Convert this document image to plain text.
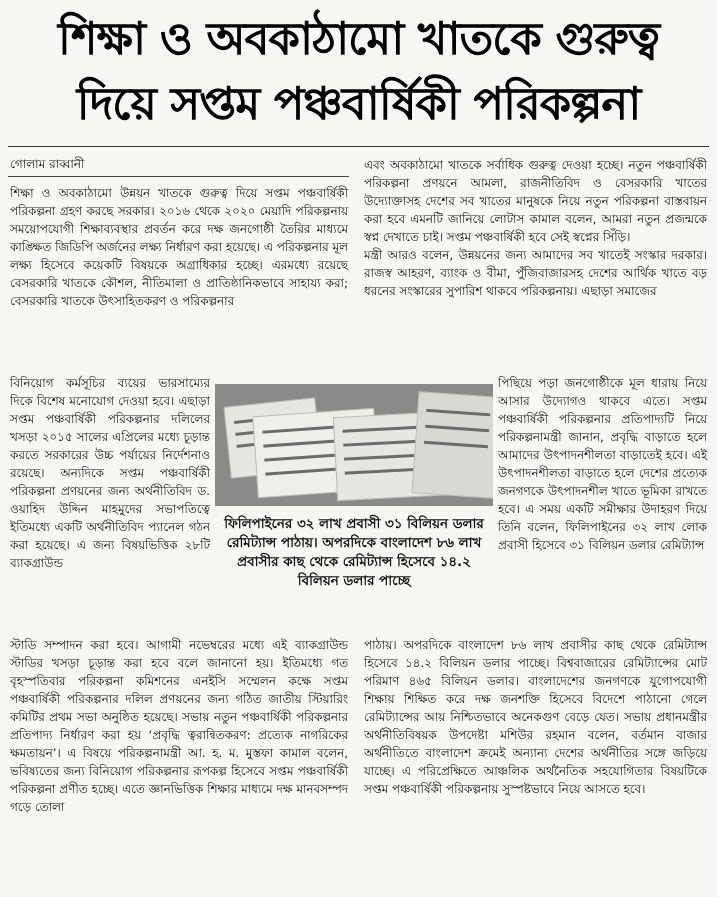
শিক্ষা ও অবকাঠামো খাতকে গুরুত্ব
দিয়ে সপ্তম পঞ্চবার্ষিকী পরিকল্পনা
গোলাম রাব্বানী

শিক্ষা ও অবকাঠামো উন্নয়ন খাতকে গুরুত্ব দিয়ে সপ্তম পঞ্চবার্ষিকী পরিকল্পনা গ্রহণ করছে সরকার। ২০১৬ থেকে ২০২০ মেয়াদি পরিকল্পনায় সময়োপযোগী শিক্ষাব্যবস্থার প্রবর্তন করে দক্ষ জনগোষ্ঠী তৈরির মাধ্যমে কাঙ্ক্ষিত জিডিপি অর্জনের লক্ষ্য নির্ধারণ করা হয়েছে। এ পরিকল্পনার মূল লক্ষ্য হিসেবে কয়েকটি বিষয়কে অগ্রাধিকার হচ্ছে। এরমধ্যে রয়েছে বেসরকারি খাতকে কৌশল, নীতিমালা ও প্রাতিষ্ঠানিকভাবে সাহায্য করা; বেসরকারি খাতকে উৎসাহিতকরণ ও পরিকল্পনার

বিনিয়োগ কর্মসূচির ব্যয়ের ভারসাম্যের দিকে বিশেষ মনোযোগ দেওয়া হবে। এছাড়া সপ্তম পঞ্চবার্ষিকী পরিকল্পনার দলিলের খসড়া ২০১৫ সালের এপ্রিলের মধ্যে চূড়ান্ত করতে সরকারের উচ্চ পর্যায়ের নির্দেশনাও রয়েছে। অন্যদিকে সপ্তম পঞ্চবার্ষিকী পরিকল্পনা প্রণয়নের জন্য অর্থনীতিবিদ ড. ওয়াহিদ উদ্দিন মাহমুদের সভাপতিত্বে ইতিমধ্যে একটি অর্থনীতিবিদ প্যানেল গঠন করা হয়েছে। এ জন্য বিষয়ভিত্তিক ২৮টি ব্যাকগ্রাউন্ড

স্টাডি সম্পাদন করা হবে। আগামী নভেম্বরের মধ্যে এই ব্যাকগ্রাউন্ড স্টাডির খসড়া চূড়ান্ত করা হবে বলে জানানো হয়। ইতিমধ্যে গত বৃহস্পতিবার পরিকল্পনা কমিশনের এনইসি সম্মেলন কক্ষে সপ্তম পঞ্চবার্ষিকী পরিকল্পনার দলিল প্রণয়নের জন্য গঠিত জাতীয় স্টিয়ারিং কমিটির প্রথম সভা অনুষ্ঠিত হয়েছে। সভায় নতুন পঞ্চবার্ষিকী পরিকল্পনার প্রতিপাদ্য নির্ধারণ করা হয় ‘প্রবৃদ্ধি ত্বরান্বিতকরণ: প্রত্যেক নাগরিকের ক্ষমতায়ন’। এ বিষয়ে পরিকল্পনামন্ত্রী আ. হ. ম. মুস্তফা কামাল বলেন, ভবিষ্যতের জন্য বিনিয়োগ পরিকল্পনার রূপকল্প হিসেবে সপ্তম পঞ্চবার্ষিকী পরিকল্পনা প্রণীত হচ্ছে। এতে জ্ঞানভিত্তিক শিক্ষার মাধ্যমে দক্ষ মানবসম্পদ গড়ে তোলা

এবং অবকাঠামো খাতকে সর্বাধিক গুরুত্ব দেওয়া হচ্ছে। নতুন পঞ্চবার্ষিকী পরিকল্পনা প্রণয়নে আমলা, রাজনীতিবিদ ও বেসরকারি খাতের উদ্যোক্তাসহ দেশের সব খাতের মানুষকে নিয়ে নতুন পরিকল্পনা বাস্তবায়ন করা হবে এমনটি জানিয়ে লোটাস কামাল বলেন, আমরা নতুন প্রজন্মকে স্বপ্ন দেখাতে চাই। সপ্তম পঞ্চবার্ষিকী হবে সেই স্বপ্নের সিঁড়ি।

মন্ত্রী আরও বলেন, উন্নয়নের জন্য আমাদের সব খাতেই সংস্কার দরকার। রাজস্ব আহরণ, ব্যাংক ও বীমা, পুঁজিবাজারসহ দেশের আর্থিক খাতে বড় ধরনের সংস্কারের সুপারিশ থাকবে পরিকল্পনায়। এছাড়া সমাজের

পিছিয়ে পড়া জনগোষ্ঠীকে মূল ধারায় নিয়ে আসার উদ্যোগও থাকবে এতে। সপ্তম পঞ্চবার্ষিকী পরিকল্পনার প্রতিপাদ্যটি নিয়ে পরিকল্পনামন্ত্রী জানান, প্রবৃদ্ধি বাড়াতে হলে আমাদের উৎপাদনশীলতা বাড়াতেই হবে। এই উৎপাদনশীলতা বাড়াতে হলে দেশের প্রত্যেক জনগণকে উৎপাদনশীল খাতে ভূমিকা রাখতে হবে। এ সময় একটি সমীক্ষার উদাহরণ দিয়ে তিনি বলেন, ফিলিপাইনের ৩২ লাখ লোক প্রবাসী হিসেবে ৩১ বিলিয়ন ডলার রেমিট্যান্স

পাঠায়। অপরদিকে বাংলাদেশ ৮৬ লাখ প্রবাসীর কাছ থেকে রেমিট্যান্স হিসেবে ১৪.২ বিলিয়ন ডলার পাচ্ছে। বিশ্ববাজারের রেমিট্যান্সের মোট পরিমাণ ৪৬৫ বিলিয়ন ডলার। বাংলাদেশের জনগণকে যুগোপযোগী শিক্ষায় শিক্ষিত করে দক্ষ জনশক্তি হিসেবে বিদেশে পাঠানো গেলে রেমিট্যান্সের আয় নিশ্চিতভাবে অনেকগুণ বেড়ে যেত। সভায় প্রধানমন্ত্রীর অর্থনীতিবিষয়ক উপদেষ্টা মশিউর রহমান বলেন, বর্তমান বাজার অর্থনীতিতে বাংলাদেশ ক্রমেই অন্যান্য দেশের অর্থনীতির সঙ্গে জড়িয়ে যাচ্ছে। এ পরিপ্রেক্ষিতে আঞ্চলিক অর্থনৈতিক সহযোগিতার বিষয়টিকে সপ্তম পঞ্চবার্ষিকী পরিকল্পনায় সুস্পষ্টভাবে নিয়ে আসতে হবে।

ফিলিপাইনের ৩২ লাখ প্রবাসী ৩১ বিলিয়ন ডলার রেমিট্যান্স পাঠায়। অপরদিকে বাংলাদেশ ৮৬ লাখ প্রবাসীর কাছ থেকে রেমিট্যান্স হিসেবে ১৪.২ বিলিয়ন ডলার পাচ্ছে
